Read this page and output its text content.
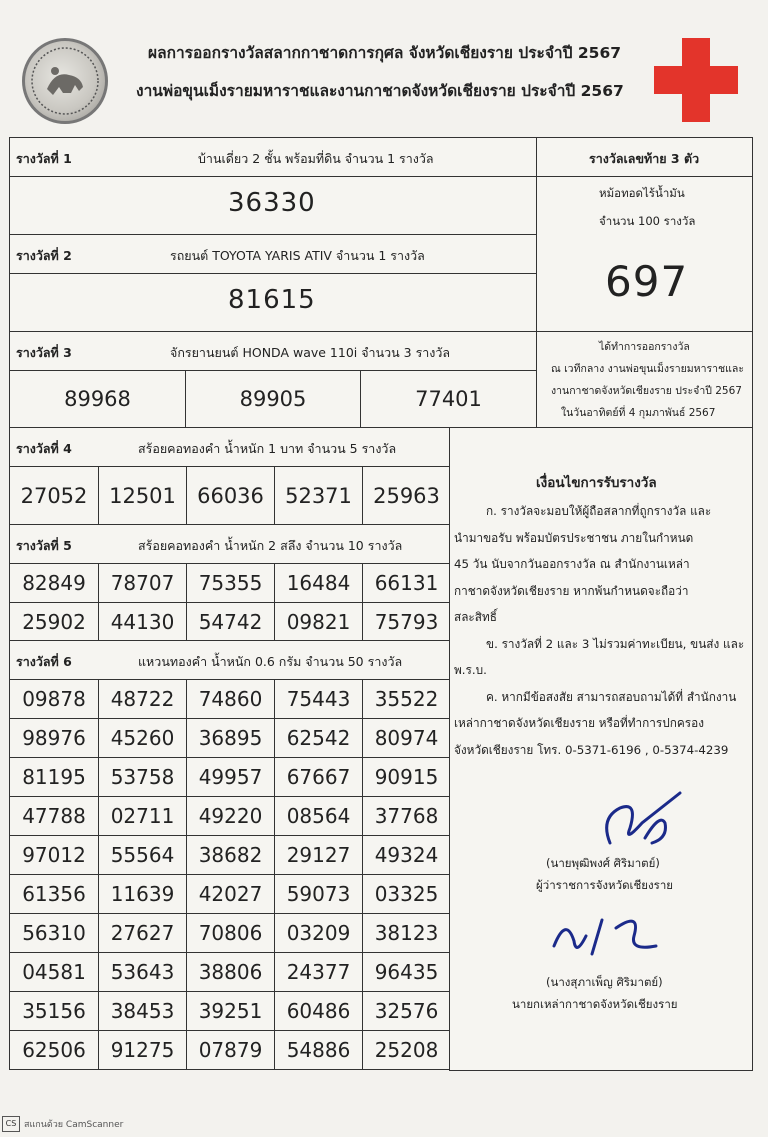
ผลการออกรางวัลสลากกาชาดการกุศล จังหวัดเชียงราย ประจำปี 2567
งานพ่อขุนเม็งรายมหาราชและงานกาชาดจังหวัดเชียงราย ประจำปี 2567
รางวัลที่ 1	บ้านเดี่ยว 2 ชั้น พร้อมที่ดิน จำนวน 1 รางวัล
36330
รางวัลที่ 2	รถยนต์ TOYOTA YARIS ATIV จำนวน 1 รางวัล
81615
รางวัลที่ 3	จักรยานยนต์ HONDA wave 110i จำนวน 3 รางวัล
89968	89905	77401
รางวัลเลขท้าย 3 ตัว
หม้อทอดไร้น้ำมัน
จำนวน 100 รางวัล
697
ได้ทำการออกรางวัล
ณ เวทีกลาง งานพ่อขุนเม็งรายมหาราชและ
งานกาชาดจังหวัดเชียงราย ประจำปี 2567
ในวันอาทิตย์ที่ 4 กุมภาพันธ์ 2567
รางวัลที่ 4	สร้อยคอทองคำ น้ำหนัก 1 บาท จำนวน 5 รางวัล
27052	12501	66036	52371	25963
รางวัลที่ 5	สร้อยคอทองคำ น้ำหนัก 2 สลึง จำนวน 10 รางวัล
82849	78707	75355	16484	66131
25902	44130	54742	09821	75793
รางวัลที่ 6	แหวนทองคำ น้ำหนัก 0.6 กรัม จำนวน 50 รางวัล
09878	48722	74860	75443	35522
98976	45260	36895	62542	80974
81195	53758	49957	67667	90915
47788	02711	49220	08564	37768
97012	55564	38682	29127	49324
61356	11639	42027	59073	03325
56310	27627	70806	03209	38123
04581	53643	38806	24377	96435
35156	38453	39251	60486	32576
62506	91275	07879	54886	25208
เงื่อนไขการรับรางวัล
ก. รางวัลจะมอบให้ผู้ถือสลากที่ถูกรางวัล และ
นำมาขอรับ พร้อมบัตรประชาชน ภายในกำหนด
45 วัน นับจากวันออกรางวัล ณ สำนักงานเหล่า
กาชาดจังหวัดเชียงราย หากพ้นกำหนดจะถือว่า
สละสิทธิ์
ข. รางวัลที่ 2 และ 3 ไม่รวมค่าทะเบียน, ขนส่ง และ
พ.ร.บ.
ค. หากมีข้อสงสัย สามารถสอบถามได้ที่ สำนักงาน
เหล่ากาชาดจังหวัดเชียงราย หรือที่ทำการปกครอง
จังหวัดเชียงราย โทร. 0-5371-6196 , 0-5374-4239
(นายพุฒิพงศ์ ศิริมาตย์)
ผู้ว่าราชการจังหวัดเชียงราย
(นางสุภาเพ็ญ ศิริมาตย์)
นายกเหล่ากาชาดจังหวัดเชียงราย
CS สแกนด้วย CamScanner
